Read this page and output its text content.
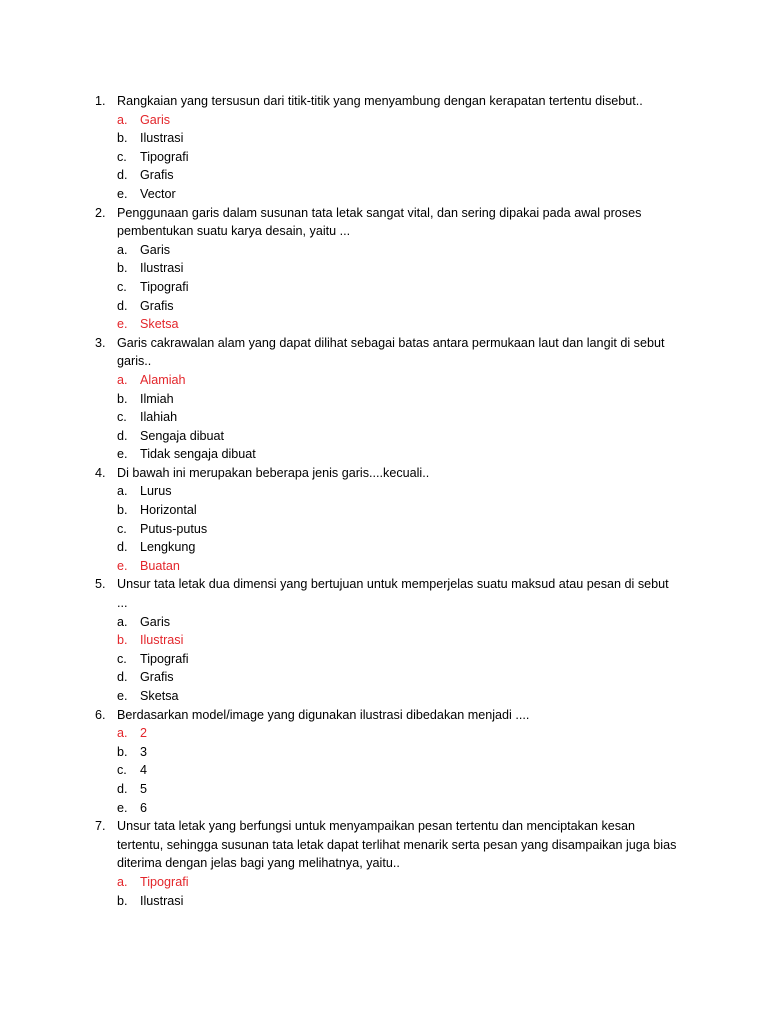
1. Rangkaian yang tersusun dari titik-titik yang menyambung dengan kerapatan tertentu disebut..
a. Garis
b. Ilustrasi
c.	Tipografi
d. Grafis
e. Vector
2. Penggunaan garis dalam susunan tata letak sangat vital, dan sering dipakai pada awal proses pembentukan suatu karya desain, yaitu ...
a. Garis
b. Ilustrasi
c.	Tipografi
d. Grafis
e. Sketsa
3. Garis cakrawalan alam yang dapat dilihat sebagai batas antara permukaan laut dan langit di sebut garis..
a. Alamiah
b. Ilmiah
c.	Ilahiah
d. Sengaja dibuat
e. Tidak sengaja dibuat
4. Di bawah ini merupakan beberapa jenis garis....kecuali..
a. Lurus
b. Horizontal
c.	Putus-putus
d. Lengkung
e. Buatan
5. Unsur tata letak dua dimensi yang bertujuan untuk memperjelas suatu maksud atau pesan di sebut ...
a. Garis
b. Ilustrasi
c.	Tipografi
d. Grafis
e. Sketsa
6. Berdasarkan model/image yang digunakan ilustrasi dibedakan menjadi ....
a. 2
b. 3
c.	4
d. 5
e. 6
7. Unsur tata letak yang berfungsi untuk menyampaikan pesan tertentu dan menciptakan kesan tertentu, sehingga susunan tata letak dapat terlihat menarik serta pesan yang disampaikan juga bias diterima dengan jelas bagi yang melihatnya, yaitu..
a. Tipografi
b. Ilustrasi
